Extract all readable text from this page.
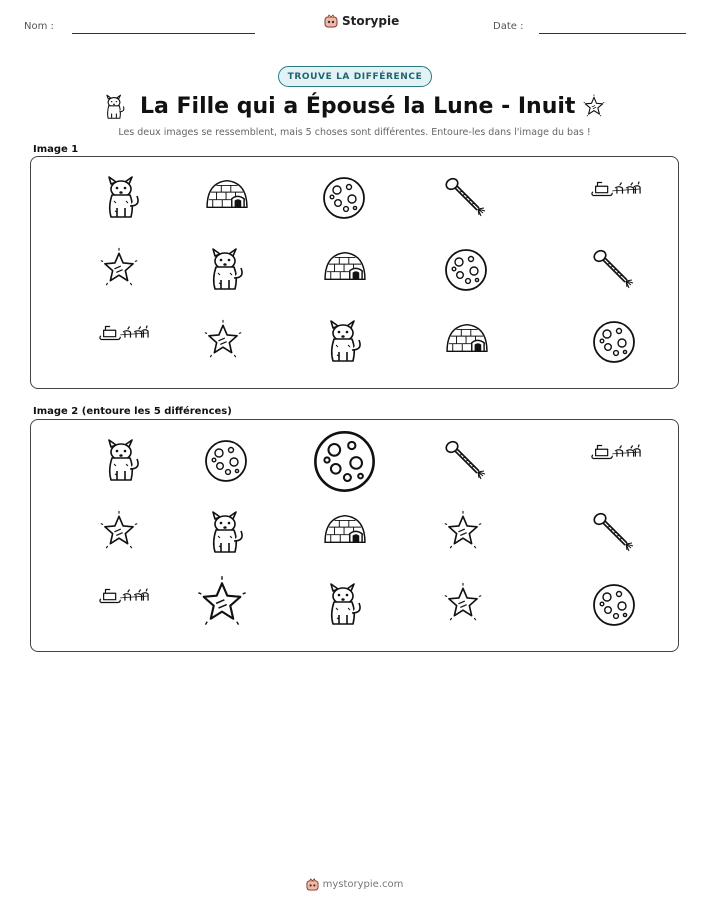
Nom :	Storypie	Date :
TROUVE LA DIFFÉRENCE
La Fille qui a Épousé la Lune - Inuit
Les deux images se ressemblent, mais 5 choses sont différentes. Entoure-les dans l'image du bas !
Image 1
Image 2 (entoure les 5 différences)
mystorypie.com
